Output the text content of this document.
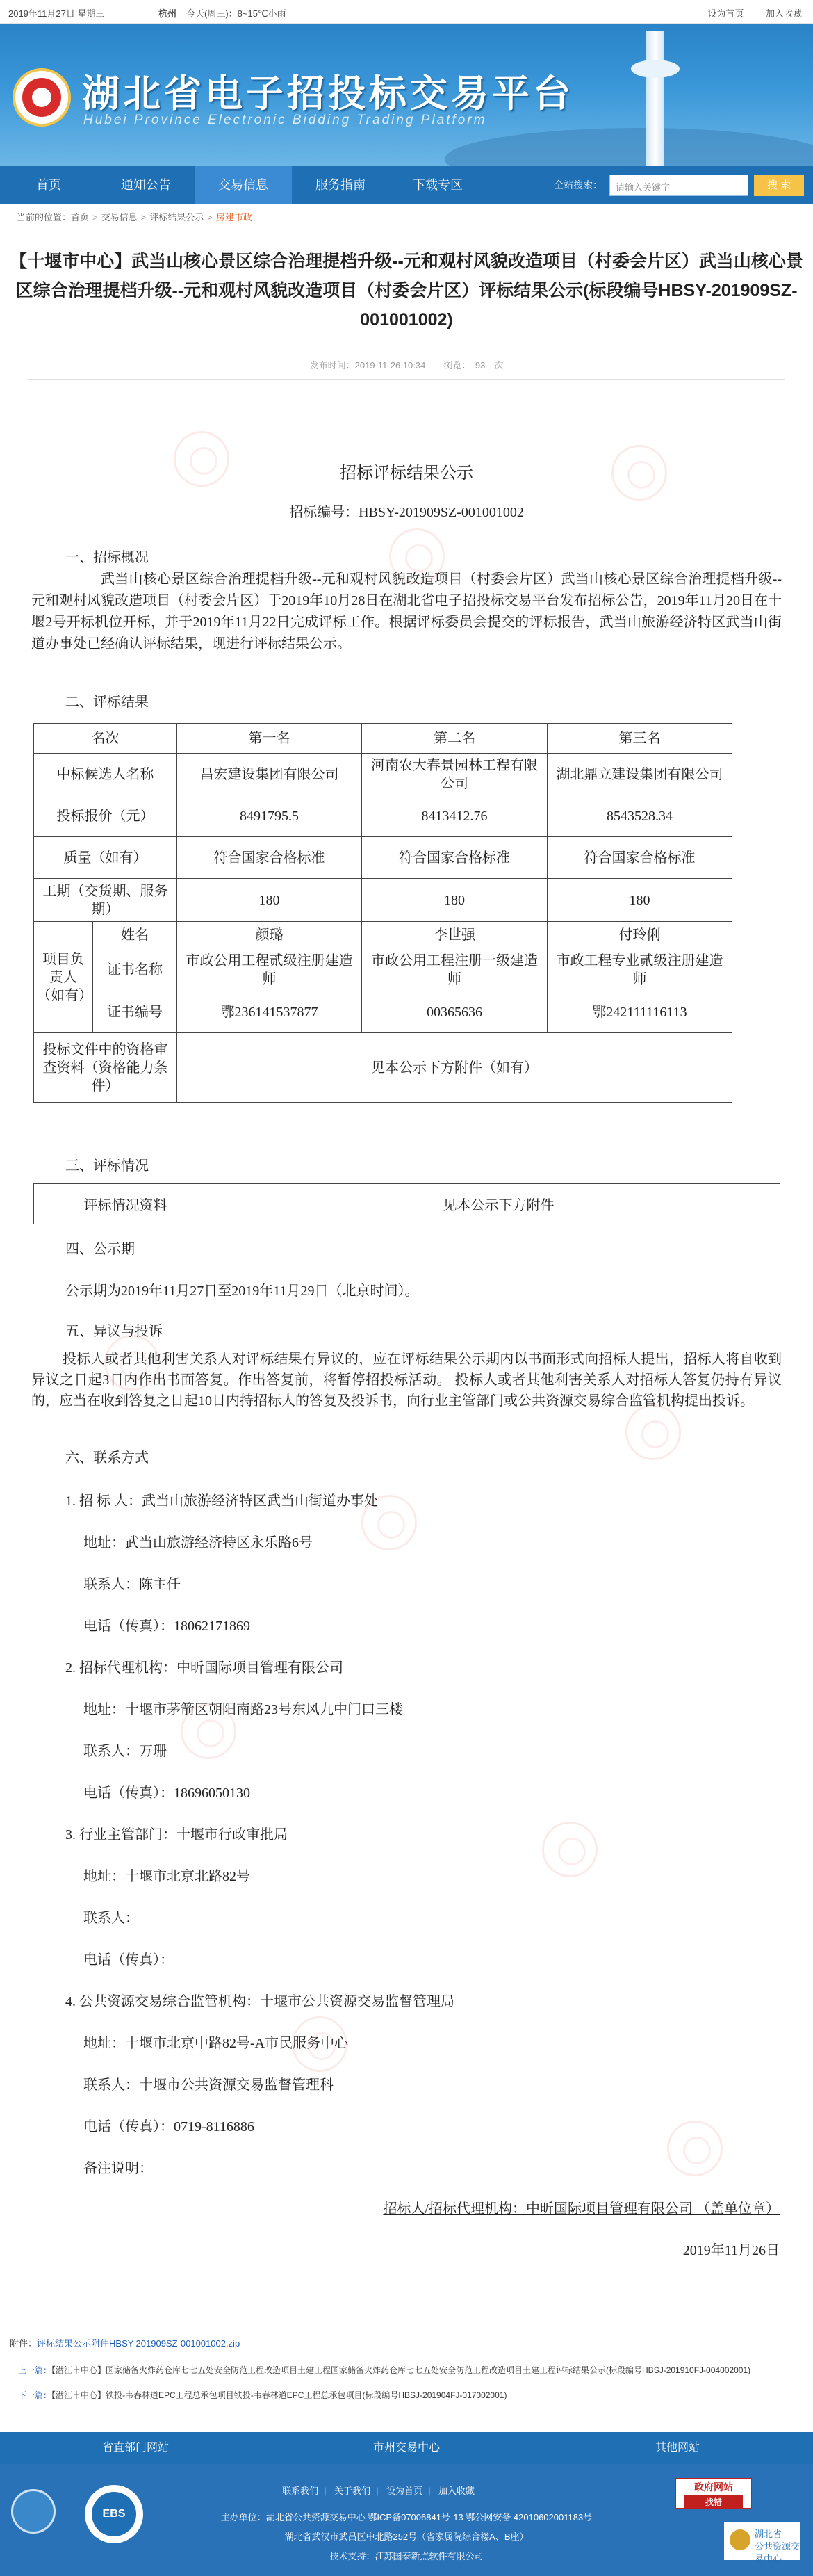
2019年11月27日 星期三	杭州 今天(周三)：8~15℃小雨	设为首页 加入收藏
湖北省电子招投标交易平台
Hubei Province Electronic Bidding Trading Platform
首页	通知公告	交易信息	服务指南	下载专区	全站搜索：	请输入关键字	搜 索
当前的位置：首页 > 交易信息 > 评标结果公示 > 房建市政
【十堰市中心】武当山核心景区综合治理提档升级--元和观村风貌改造项目（村委会片区）武当山核心景区综合治理提档升级--元和观村风貌改造项目（村委会片区）评标结果公示(标段编号HBSY-201909SZ-001001002)
发布时间：2019-11-26 10:34　　浏览：　93　次
招标评标结果公示
招标编号：HBSY-201909SZ-001001002
一、招标概况
武当山核心景区综合治理提档升级--元和观村风貌改造项目（村委会片区）武当山核心景区综合治理提档升级--元和观村风貌改造项目（村委会片区）于2019年10月28日在湖北省电子招投标交易平台发布招标公告，2019年11月20日在十堰2号开标机位开标，并于2019年11月22日完成评标工作。根据评标委员会提交的评标报告，武当山旅游经济特区武当山街道办事处已经确认评标结果，现进行评标结果公示。
二、评标结果
名次		第一名	第二名	第三名
中标候选人名称		昌宏建设集团有限公司	河南农大春景园林工程有限公司	湖北鼎立建设集团有限公司
投标报价（元）		8491795.5	8413412.76	8543528.34
质量（如有）		符合国家合格标准	符合国家合格标准	符合国家合格标准
工期（交货期、服务期）		180	180	180
项目负责人（如有）	姓名	颜璐	李世强	付玲俐
	证书名称	市政公用工程贰级注册建造师	市政公用工程注册一级建造师	市政工程专业贰级注册建造师
	证书编号	鄂236141537877	00365636	鄂242111116113
投标文件中的资格审查资料（资格能力条件）		见本公示下方附件（如有）		
三、评标情况
评标情况资料	见本公示下方附件
四、公示期
公示期为2019年11月27日至2019年11月29日（北京时间）。
五、异议与投诉
投标人或者其他利害关系人对评标结果有异议的，应在评标结果公示期内以书面形式向招标人提出，招标人将自收到异议之日起3日内作出书面答复。作出答复前，将暂停招投标活动。 投标人或者其他利害关系人对招标人答复仍持有异议的，应当在收到答复之日起10日内持招标人的答复及投诉书，向行业主管部门或公共资源交易综合监管机构提出投诉。
六、联系方式
1. 招 标 人：武当山旅游经济特区武当山街道办事处
地址：武当山旅游经济特区永乐路6号
联系人：陈主任
电话（传真）：18062171869
2. 招标代理机构：中昕国际项目管理有限公司
地址：十堰市茅箭区朝阳南路23号东风九中门口三楼
联系人：万珊
电话（传真）：18696050130
3. 行业主管部门：十堰市行政审批局
地址：十堰市北京北路82号
联系人：
电话（传真）：
4. 公共资源交易综合监管机构：十堰市公共资源交易监督管理局
地址：十堰市北京中路82号-A市民服务中心
联系人：十堰市公共资源交易监督管理科
电话（传真）：0719-8116886
备注说明：
招标人/招标代理机构：中昕国际项目管理有限公司 （盖单位章）
2019年11月26日
附件：评标结果公示附件HBSY-201909SZ-001001002.zip
上一篇：【潜江市中心】国家储备火炸药仓库七七五处安全防范工程改造项目土建工程国家储备火炸药仓库七七五处安全防范工程改造项目土建工程评标结果公示(标段编号HBSJ-201910FJ-004002001)
下一篇：【潜江市中心】铁投-韦春林道EPC工程总承包项目铁投-韦春林道EPC工程总承包项目(标段编号HBSJ-201904FJ-017002001)
省直部门网站	市州交易中心	其他网站
EBS
联系我们 | 关于我们 | 设为首页 | 加入收藏
主办单位：湖北省公共资源交易中心 鄂ICP备07006841号-13 鄂公网安备 42010602001183号
湖北省武汉市武昌区中北路252号（省家属院综合楼A、B座）
技术支持：江苏国泰新点软件有限公司
政府网站
找错
湖北省
公共资源交易中心
